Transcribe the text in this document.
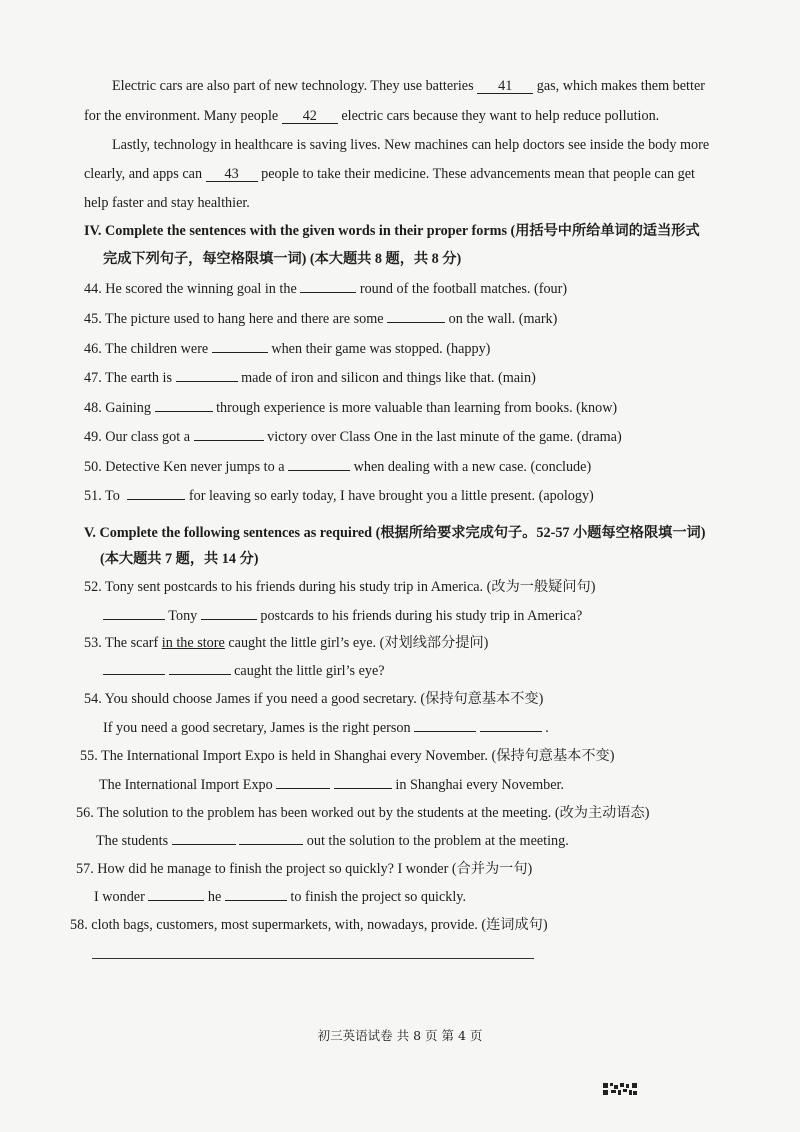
Electric cars are also part of new technology. They use batteries 41 gas, which makes them better
for the environment. Many people 42 electric cars because they want to help reduce pollution.
Lastly, technology in healthcare is saving lives. New machines can help doctors see inside the body more
clearly, and apps can 43 people to take their medicine. These advancements mean that people can get
help faster and stay healthier.
IV. Complete the sentences with the given words in their proper forms (用括号中所给单词的适当形式
完成下列句子，每空格限填一词) (本大题共 8 题，共 8 分)
44. He scored the winning goal in the	round of the football matches. (four)
45. The picture used to hang here and there are some	on the wall. (mark)
46. The children were	when their game was stopped. (happy)
47. The earth is	made of iron and silicon and things like that. (main)
48. Gaining	through experience is more valuable than learning from books. (know)
49. Our class got a	victory over Class One in the last minute of the game. (drama)
50. Detective Ken never jumps to a	when dealing with a new case. (conclude)
51. To	for leaving so early today, I have brought you a little present. (apology)
V. Complete the following sentences as required (根据所给要求完成句子。52-57 小题每空格限填一词)
(本大题共 7 题，共 14 分)
52. Tony sent postcards to his friends during his study trip in America. (改为一般疑问句)
Tony	postcards to his friends during his study trip in America?
53. The scarf in the store caught the little girl’s eye. (对划线部分提问)
caught the little girl’s eye?
54. You should choose James if you need a good secretary. (保持句意基本不变)
If you need a good secretary, James is the right person	.
55. The International Import Expo is held in Shanghai every November. (保持句意基本不变)
The International Import Expo	in Shanghai every November.
56. The solution to the problem has been worked out by the students at the meeting. (改为主动语态)
The students	out the solution to the problem at the meeting.
57. How did he manage to finish the project so quickly? I wonder (合并为一句)
I wonder	he	to finish the project so quickly.
58. cloth bags, customers, most supermarkets, with, nowadays, provide. (连词成句)
初三英语试卷 共 8 页 第 4 页
